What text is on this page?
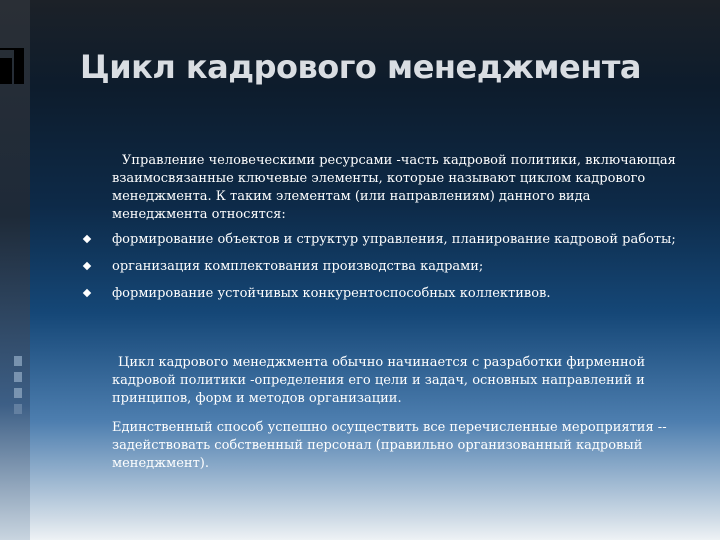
Цикл кадрового менеджмента

Управление человеческими ресурсами -часть кадровой политики, включающая взаимосвязанные ключевые элементы, которые называют циклом кадрового менеджмента. К таким элементам (или направлениям) данного вида менеджмента относятся:

формирование объектов и структур управления, планирование кадровой работы;
организация комплектования производства кадрами;
формирование устойчивых конкурентоспособных коллективов.

Цикл кадрового менеджмента обычно начинается с разработки фирменной кадровой политики -определения его цели и задач, основных направлений и принципов, форм и методов организации.

Единственный способ успешно осуществить все перечисленные мероприятия -- задействовать собственный персонал (правильно организованный кадровый менеджмент).
